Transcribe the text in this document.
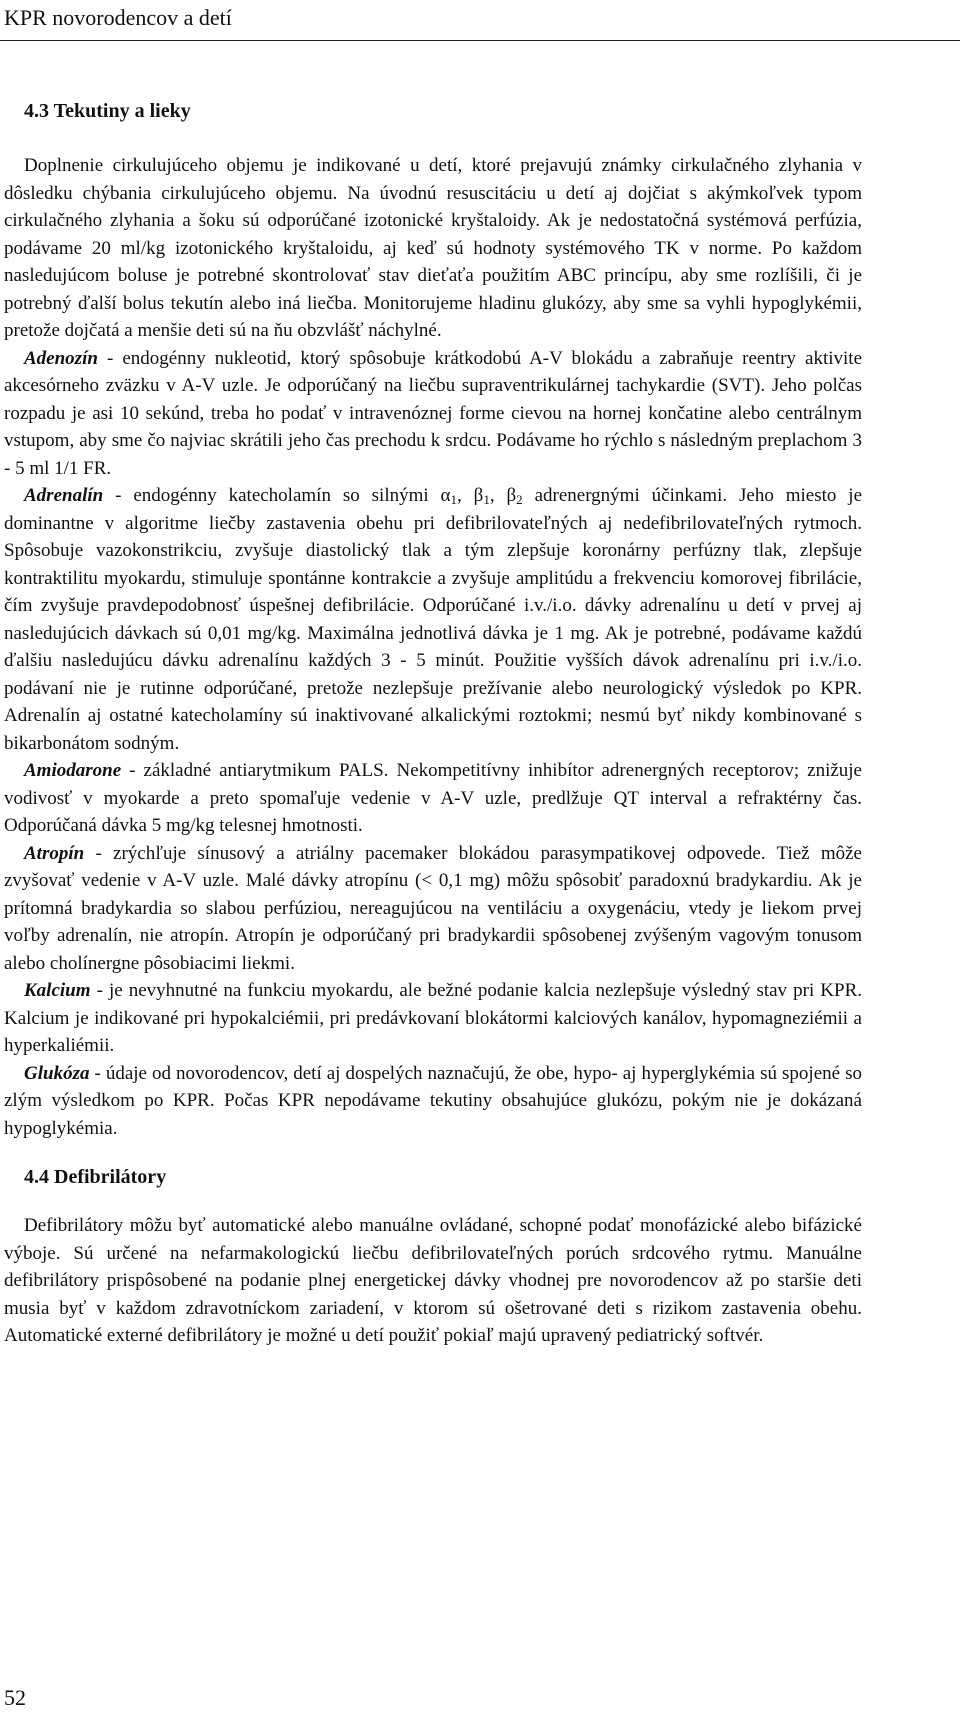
KPR novorodencov a detí
4.3 Tekutiny a lieky

Doplnenie cirkulujúceho objemu je indikované u detí, ktoré prejavujú známky cirkulačného zlyhania v dôsledku chýbania cirkulujúceho objemu. Na úvodnú resuscitáciu u detí aj dojčiat s akýmkoľvek typom cirkulačného zlyhania a šoku sú odporúčané izotonické kryštaloidy. Ak je nedostatočná systémová perfúzia, podávame 20 ml/kg izotonického kryštaloidu, aj keď sú hodnoty systémového TK v norme. Po každom nasledujúcom boluse je potrebné skontrolovať stav dieťaťa použitím ABC princípu, aby sme rozlíšili, či je potrebný ďalší bolus tekutín alebo iná liečba. Monitorujeme hladinu glukózy, aby sme sa vyhli hypoglykémii, pretože dojčatá a menšie deti sú na ňu obzvlášť náchylné.

Adenozín - endogénny nukleotid, ktorý spôsobuje krátkodobú A-V blokádu a zabraňuje reentry aktivite akcesórneho zväzku v A-V uzle. Je odporúčaný na liečbu supraventrikulárnej tachykardie (SVT). Jeho polčas rozpadu je asi 10 sekúnd, treba ho podať v intravenóznej forme cievou na hornej končatine alebo centrálnym vstupom, aby sme čo najviac skrátili jeho čas prechodu k srdcu. Podávame ho rýchlo s následným preplachom 3 - 5 ml 1/1 FR.

Adrenalín - endogénny katecholamín so silnými $\alpha_1$, $\beta_1$, $\beta_2$ adrenergnými účinkami. Jeho miesto je dominantne v algoritme liečby zastavenia obehu pri defibrilovateľných aj nedefibrilovateľných rytmoch. Spôsobuje vazokonstrikciu, zvyšuje diastolický tlak a tým zlepšuje koronárny perfúzny tlak, zlepšuje kontraktilitu myokardu, stimuluje spontánne kontrakcie a zvyšuje amplitúdu a frekvenciu komorovej fibrilácie, čím zvyšuje pravdepodobnosť úspešnej defibrilácie. Odporúčané i.v./i.o. dávky adrenalínu u detí v prvej aj nasledujúcich dávkach sú 0,01 mg/kg. Maximálna jednotlivá dávka je 1 mg. Ak je potrebné, podávame každú ďalšiu nasledujúcu dávku adrenalínu každých 3 - 5 minút. Použitie vyšších dávok adrenalínu pri i.v./i.o. podávaní nie je rutinne odporúčané, pretože nezlepšuje prežívanie alebo neurologický výsledok po KPR. Adrenalín aj ostatné katecholamíny sú inaktivované alkalickými roztokmi; nesmú byť nikdy kombinované s bikarbonátom sodným.

Amiodarone - základné antiarytmikum PALS. Nekompetitívny inhibítor adrenergných receptorov; znižuje vodivosť v myokarde a preto spomaľuje vedenie v A-V uzle, predlžuje QT interval a refraktérny čas. Odporúčaná dávka 5 mg/kg telesnej hmotnosti.

Atropín - zrýchľuje sínusový a atriálny pacemaker blokádou parasympatikovej odpovede. Tiež môže zvyšovať vedenie v A-V uzle. Malé dávky atropínu (< 0,1 mg) môžu spôsobiť paradoxnú bradykardiu. Ak je prítomná bradykardia so slabou perfúziou, nereagujúcou na ventiláciu a oxygenáciu, vtedy je liekom prvej voľby adrenalín, nie atropín. Atropín je odporúčaný pri bradykardii spôsobenej zvýšeným vagovým tonusom alebo cholínergne pôsobiacimi liekmi.

Kalcium - je nevyhnutné na funkciu myokardu, ale bežné podanie kalcia nezlepšuje výsledný stav pri KPR. Kalcium je indikované pri hypokalciémii, pri predávkovaní blokátormi kalciových kanálov, hypomagneziémii a hyperkaliémii.

Glukóza - údaje od novorodencov, detí aj dospelých naznačujú, že obe, hypo- aj hyperglykémia sú spojené so zlým výsledkom po KPR. Počas KPR nepodávame tekutiny obsahujúce glukózu, pokým nie je dokázaná hypoglykémia.

4.4 Defibrilátory

Defibrilátory môžu byť automatické alebo manuálne ovládané, schopné podať monofázické alebo bifázické výboje. Sú určené na nefarmakologickú liečbu defibrilovateľných porúch srdcového rytmu. Manuálne defibrilátory prispôsobené na podanie plnej energetickej dávky vhodnej pre novorodencov až po staršie deti musia byť v každom zdravotníckom zariadení, v ktorom sú ošetrované deti s rizikom zastavenia obehu. Automatické externé defibrilátory je možné u detí použiť pokiaľ majú upravený pediatrický softvér.

52
